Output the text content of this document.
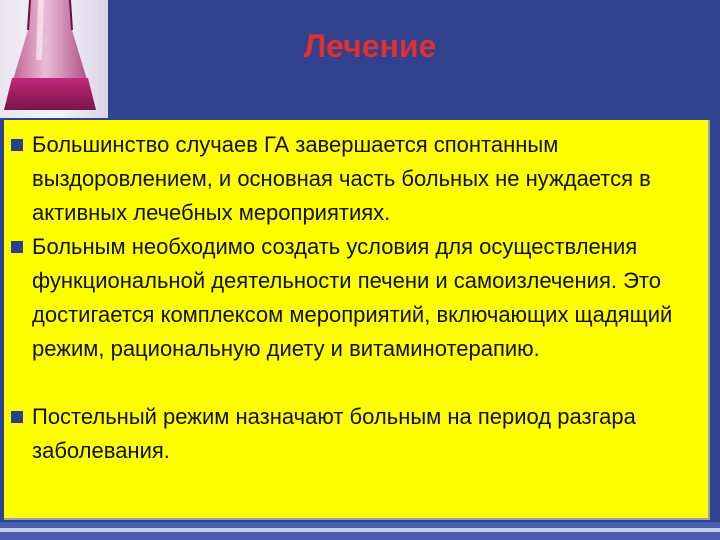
Лечение
Большинство случаев ГА завершается спонтанным выздоровлением, и основная часть больных не нуждается в активных лечебных мероприятиях.
Больным необходимо создать условия для осуществления функциональной деятельности печени и самоизлечения. Это достигается комплексом мероприятий, включающих щадящий режим, рациональную диету и витаминотерапию.
Постельный режим назначают больным на период разгара заболевания.
